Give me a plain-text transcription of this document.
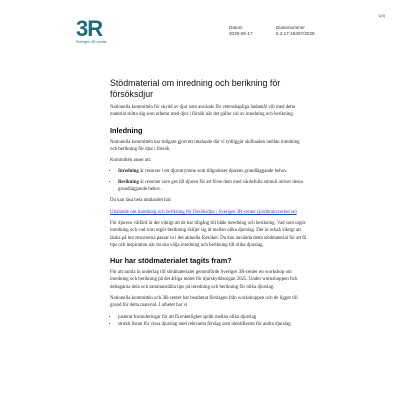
3R
Sveriges 3R-center
1(4)
Datum
2026-06-17
Diarienummer
5.2.17-18467/2026
Stödmaterial om inredning och berikning för försöksdjur

Nationella kommittén för skydd av djur som används för vetenskapliga ändamål vill med detta material stötta dig som arbetar med djur i försök när det gäller val av inredning och berikning.

Inledning

Nationella kommittén har tidigare gjort ett uttalande där vi tydliggör skillnaden mellan inredning och berikning för djur i försök.

Kommittén anser att:

• Inredning är resurser i ett djurutrymme som tillgodoser djurens grundläggande behov.
• Berikning är resurser som ges till djuren för att förse dem med värdefulla stimuli utöver dessa grundläggande behov.

Du kan läsa hela uttalandet här:

Uttalande om inredning och berikning för försöksdjur | Sveriges 3R-center (jordbruksverket.se)

För djurens välfärd är det viktigt att de har tillgång till både inredning och berikning. Vad som utgör inredning och vad som utgör berikning skiljer sig åt mellan olika djurslag. Det är också viktigt att tänka på hur resurserna passar in i det aktuella försöket. Du kan använda detta stödmaterial för att få tips och inspiration när du ska välja inredning och berikning till olika djurslag.

Hur har stödmaterialet tagits fram?

För att samla in underlag till stödmaterialet genomförde Sveriges 3R-center en workshop om inredning och berikning på det årliga mötet för djurskyddsorgan 2025. Under workshoppen fick deltagarna dela och sammanställa tips på inredning och berikning för olika djurslag.

Nationella kommittén och 3R-center har bearbetat förslagen från workshoppen och de ligger till grund för detta material. I arbetet har vi

• justerat formuleringar för att få enhetlighet språk mellan olika djurslag
• strukit listan för vissa djurslag med relevanta förslag som identifierats för andra djurslag
